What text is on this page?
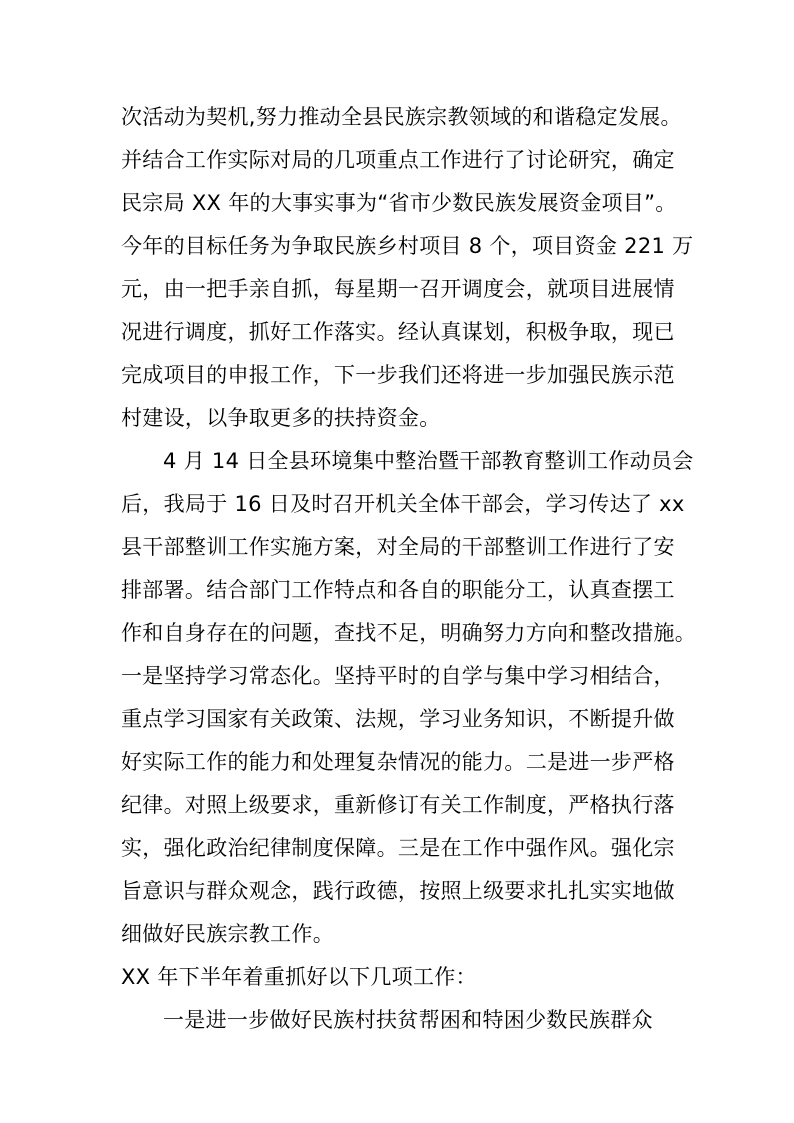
次活动为契机,努力推动全县民族宗教领域的和谐稳定发展。
并结合工作实际对局的几项重点工作进行了讨论研究，确定
民宗局 XX 年的大事实事为“省市少数民族发展资金项目”。
今年的目标任务为争取民族乡村项目 8 个，项目资金 221 万
元，由一把手亲自抓，每星期一召开调度会，就项目进展情
况进行调度，抓好工作落实。经认真谋划，积极争取，现已
完成项目的申报工作，下一步我们还将进一步加强民族示范
村建设，以争取更多的扶持资金。
4 月 14 日全县环境集中整治暨干部教育整训工作动员会
后，我局于 16 日及时召开机关全体干部会，学习传达了 xx
县干部整训工作实施方案，对全局的干部整训工作进行了安
排部署。结合部门工作特点和各自的职能分工，认真查摆工
作和自身存在的问题，查找不足，明确努力方向和整改措施。
一是坚持学习常态化。坚持平时的自学与集中学习相结合，
重点学习国家有关政策、法规，学习业务知识，不断提升做
好实际工作的能力和处理复杂情况的能力。二是进一步严格
纪律。对照上级要求，重新修订有关工作制度，严格执行落
实，强化政治纪律制度保障。三是在工作中强作风。强化宗
旨意识与群众观念，践行政德，按照上级要求扎扎实实地做
细做好民族宗教工作。
XX 年下半年着重抓好以下几项工作：
一是进一步做好民族村扶贫帮困和特困少数民族群众
